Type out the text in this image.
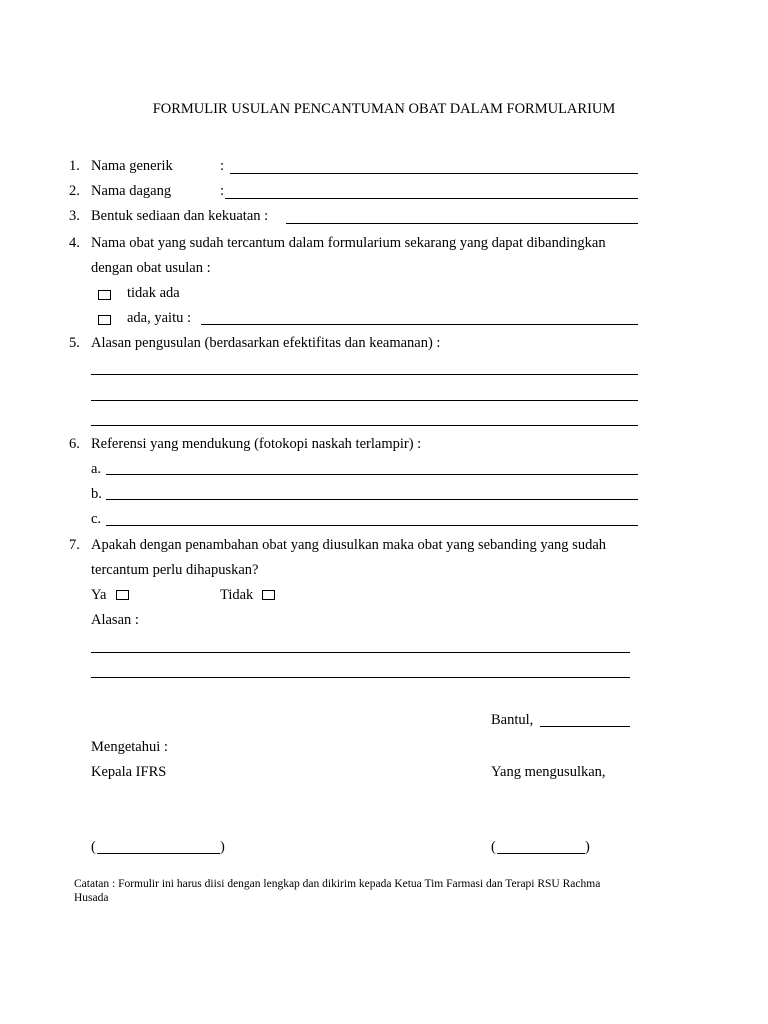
FORMULIR USULAN PENCANTUMAN OBAT DALAM FORMULARIUM
1. Nama generik	:
2. Nama dagang	:
3. Bentuk sediaan dan kekuatan :
4. Nama obat yang sudah tercantum dalam formularium sekarang yang dapat dibandingkan
dengan obat usulan :
tidak ada
ada, yaitu :
5. Alasan pengusulan (berdasarkan efektifitas dan keamanan) :
6. Referensi yang mendukung (fotokopi naskah terlampir) :
a.
b.
c.
7. Apakah dengan penambahan obat yang diusulkan maka obat yang sebanding yang sudah
tercantum perlu dihapuskan?
Ya	Tidak
Alasan :
Bantul,
Mengetahui :
Kepala IFRS	Yang mengusulkan,
(	)	(	)
Catatan : Formulir ini harus diisi dengan lengkap dan dikirim kepada Ketua Tim Farmasi dan Terapi RSU Rachma
Husada
